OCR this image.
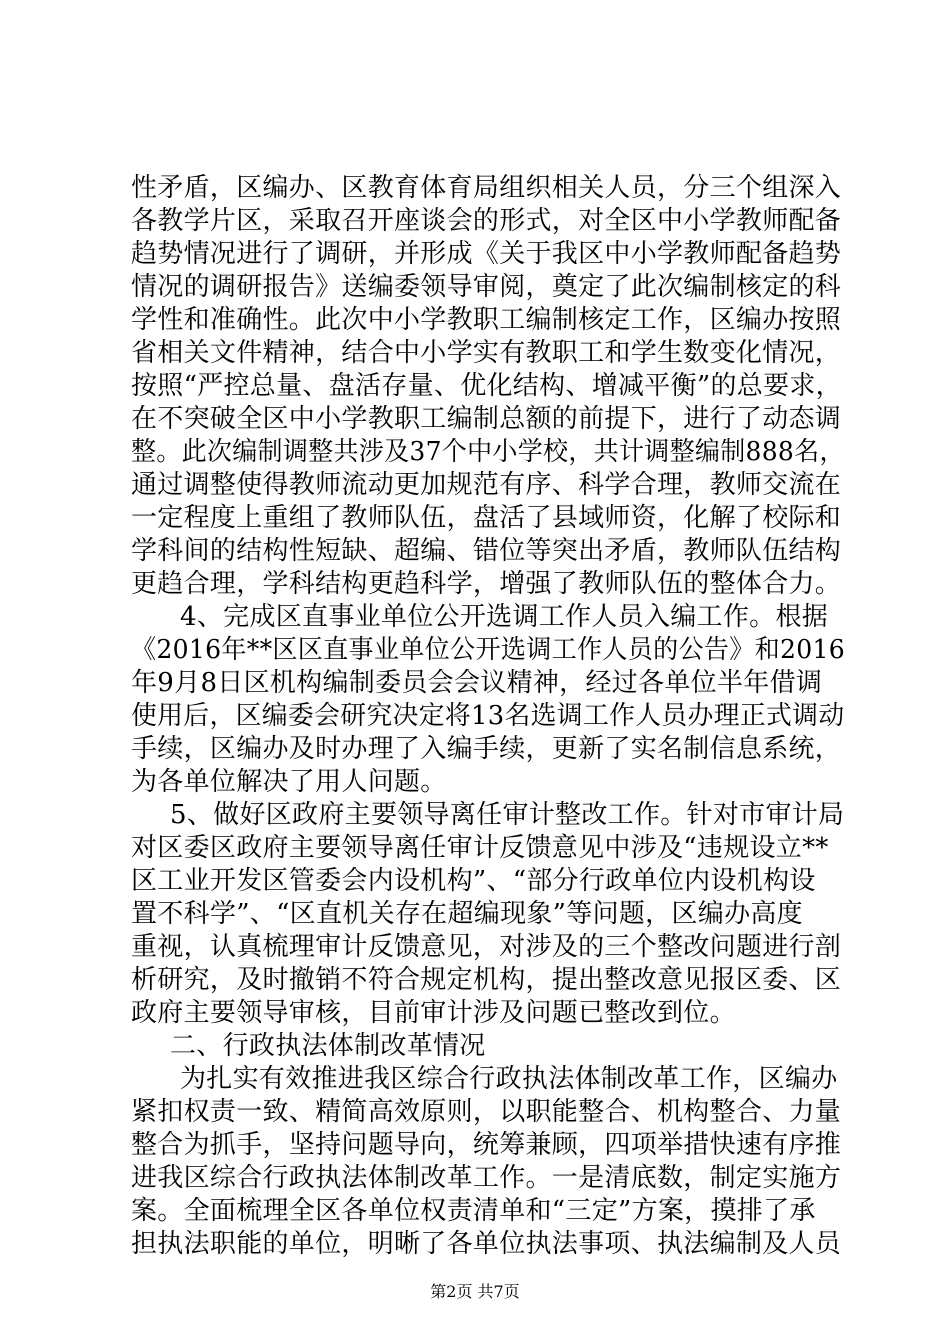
性矛盾，区编办、区教育体育局组织相关人员，分三个组深入
各教学片区，采取召开座谈会的形式，对全区中小学教师配备
趋势情况进行了调研，并形成《关于我区中小学教师配备趋势
情况的调研报告》送编委领导审阅，奠定了此次编制核定的科
学性和准确性。此次中小学教职工编制核定工作，区编办按照
省相关文件精神，结合中小学实有教职工和学生数变化情况，
按照“严控总量、盘活存量、优化结构、增减平衡”的总要求，
在不突破全区中小学教职工编制总额的前提下，进行了动态调
整。此次编制调整共涉及37个中小学校，共计调整编制888名，
通过调整使得教师流动更加规范有序、科学合理，教师交流在
一定程度上重组了教师队伍，盘活了县域师资，化解了校际和
学科间的结构性短缺、超编、错位等突出矛盾，教师队伍结构
更趋合理，学科结构更趋科学，增强了教师队伍的整体合力。
4、完成区直事业单位公开选调工作人员入编工作。根据
《2016年**区区直事业单位公开选调工作人员的公告》和2016
年9月8日区机构编制委员会会议精神，经过各单位半年借调
使用后，区编委会研究决定将13名选调工作人员办理正式调动
手续，区编办及时办理了入编手续，更新了实名制信息系统，
为各单位解决了用人问题。
5、做好区政府主要领导离任审计整改工作。针对市审计局
对区委区政府主要领导离任审计反馈意见中涉及“违规设立**
区工业开发区管委会内设机构”、“部分行政单位内设机构设
置不科学”、“区直机关存在超编现象”等问题，区编办高度
重视，认真梳理审计反馈意见，对涉及的三个整改问题进行剖
析研究，及时撤销不符合规定机构，提出整改意见报区委、区
政府主要领导审核，目前审计涉及问题已整改到位。
二、行政执法体制改革情况
为扎实有效推进我区综合行政执法体制改革工作，区编办
紧扣权责一致、精简高效原则，以职能整合、机构整合、力量
整合为抓手，坚持问题导向，统筹兼顾，四项举措快速有序推
进我区综合行政执法体制改革工作。一是清底数，制定实施方
案。全面梳理全区各单位权责清单和“三定”方案，摸排了承
担执法职能的单位，明晰了各单位执法事项、执法编制及人员
第2页 共7页
